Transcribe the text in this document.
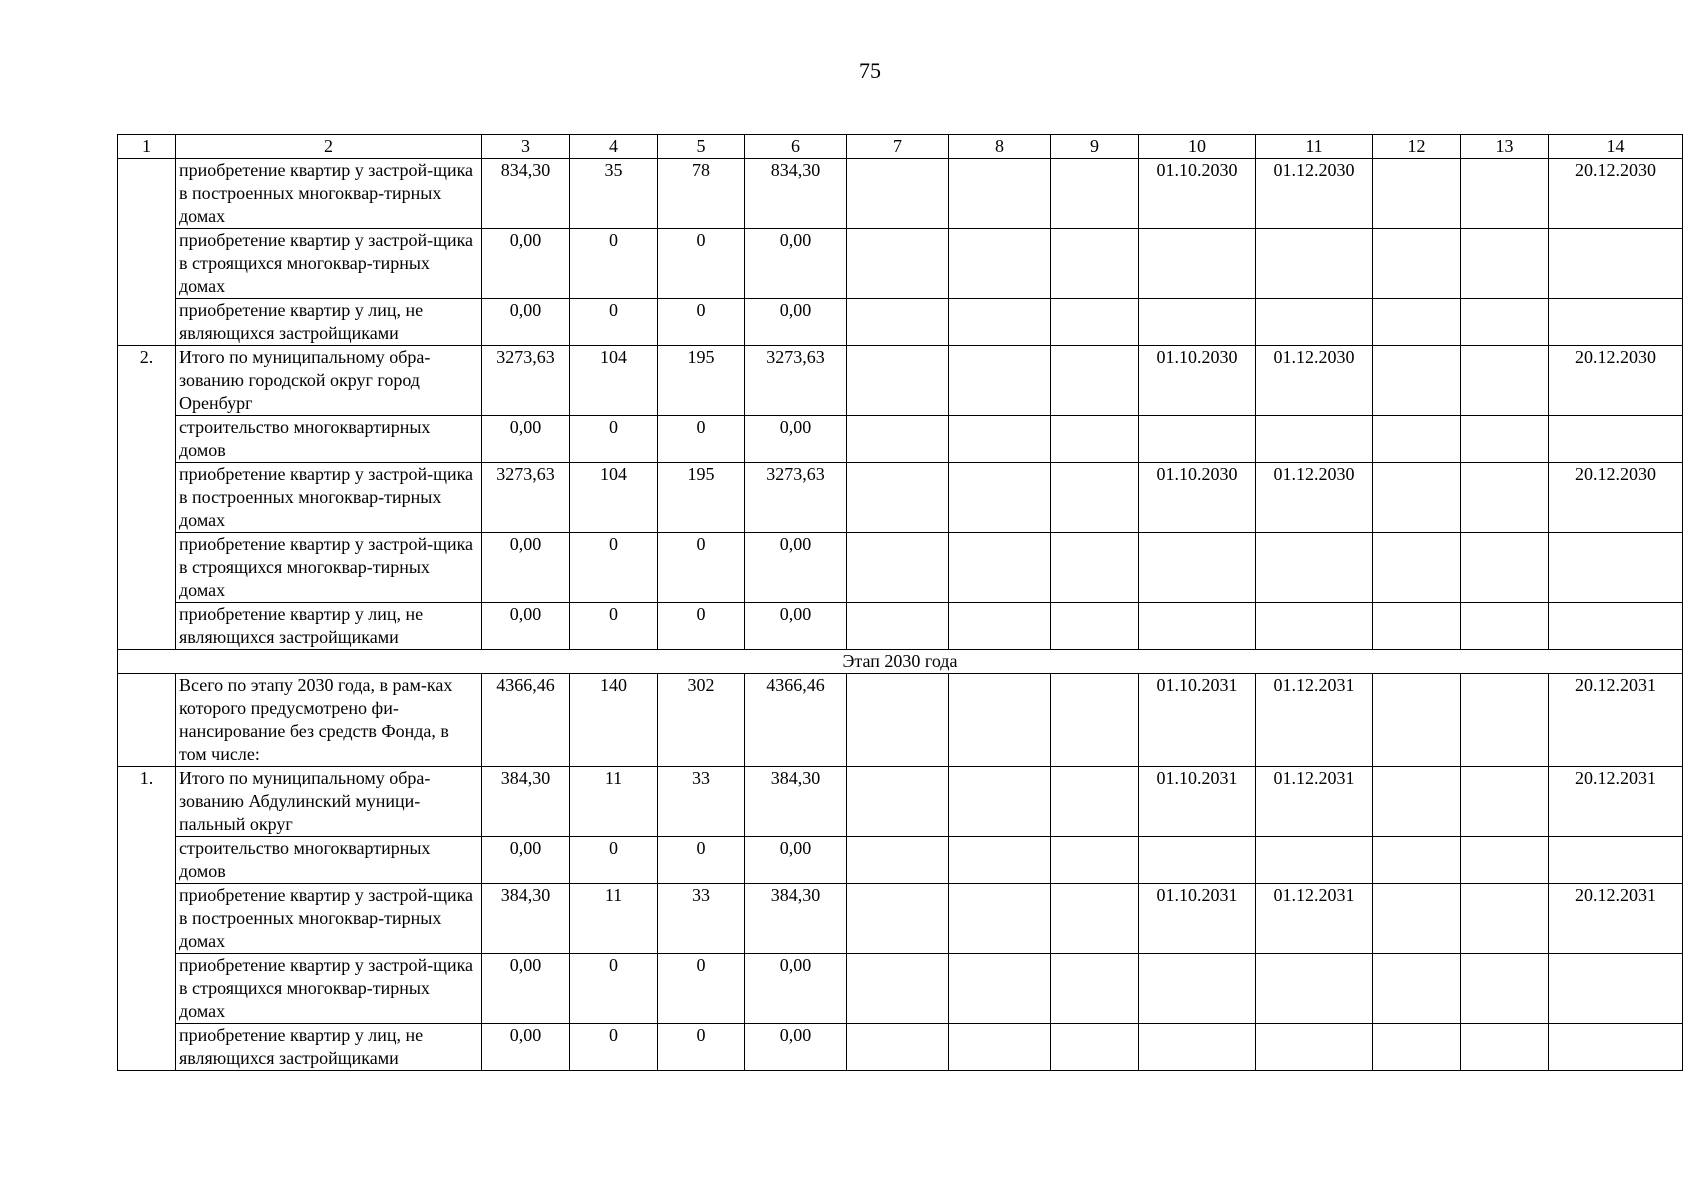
75
1	2	3	4	5	6	7	8	9	10	11	12	13	14
	приобретение квартир у застрой-щика в построенных многоквар-тирных домах	834,30	35	78	834,30				01.10.2030	01.12.2030			20.12.2030
	приобретение квартир у застрой-щика в строящихся многоквар-тирных домах	0,00	0	0	0,00								
	приобретение квартир у лиц, не являющихся застройщиками	0,00	0	0	0,00								
2.	Итого по муниципальному обра-зованию городской округ город Оренбург	3273,63	104	195	3273,63				01.10.2030	01.12.2030			20.12.2030
	строительство многоквартирных домов	0,00	0	0	0,00								
	приобретение квартир у застрой-щика в построенных многоквар-тирных домах	3273,63	104	195	3273,63				01.10.2030	01.12.2030			20.12.2030
	приобретение квартир у застрой-щика в строящихся многоквар-тирных домах	0,00	0	0	0,00								
	приобретение квартир у лиц, не являющихся застройщиками	0,00	0	0	0,00								
Этап 2030 года													
	Всего по этапу 2030 года, в рам-ках которого предусмотрено фи-нансирование без средств Фонда, в том числе:	4366,46	140	302	4366,46				01.10.2031	01.12.2031			20.12.2031
1.	Итого по муниципальному обра-зованию Абдулинский муници-пальный округ	384,30	11	33	384,30				01.10.2031	01.12.2031			20.12.2031
	строительство многоквартирных домов	0,00	0	0	0,00								
	приобретение квартир у застрой-щика в построенных многоквар-тирных домах	384,30	11	33	384,30				01.10.2031	01.12.2031			20.12.2031
	приобретение квартир у застрой-щика в строящихся многоквар-тирных домах	0,00	0	0	0,00								
	приобретение квартир у лиц, не являющихся застройщиками	0,00	0	0	0,00								
